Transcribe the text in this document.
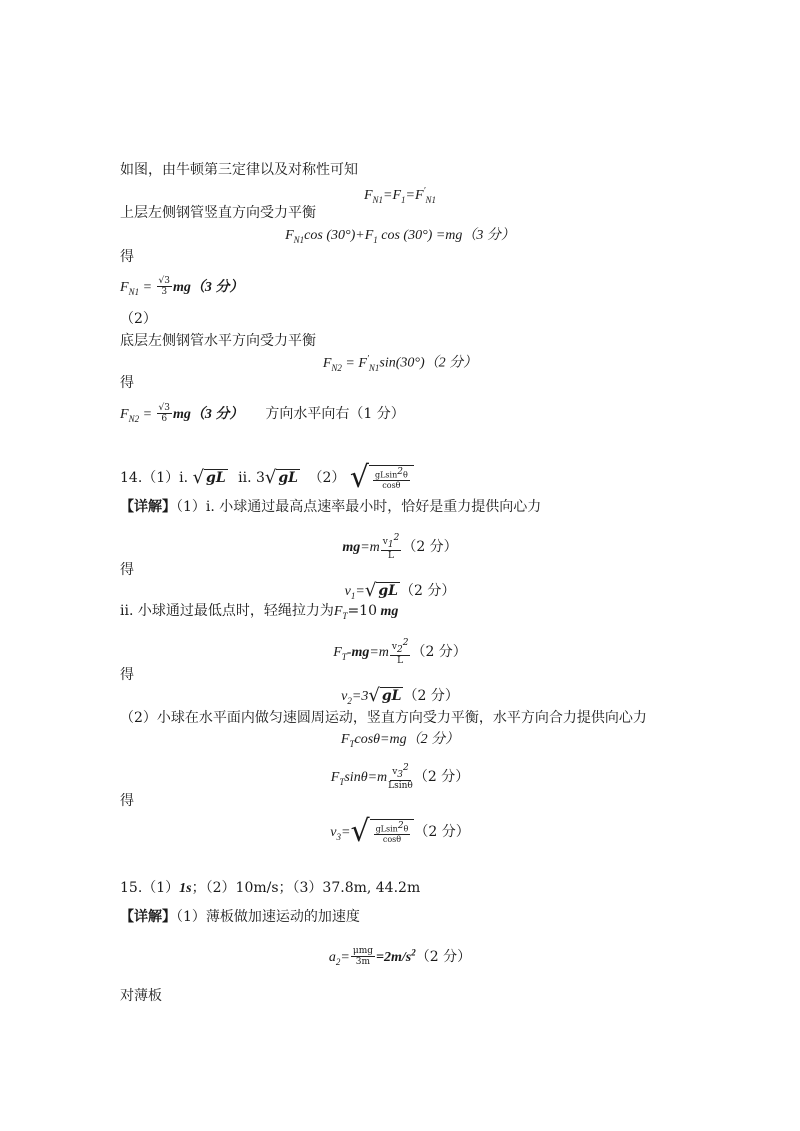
如图，由牛顿第三定律以及对称性可知
$F_{N1}=F_1=F'_{N1}$
上层左侧钢管竖直方向受力平衡
$F_{N1}\cos$ $(30^\circ)+F_1$ cos (30°) =mg（3 分）
得
$F_{N1} = \frac{√3}{3} mg(3$ 分）
（2）
底层左侧钢管水平方向受力平衡
$F_{N2} = F'_{N1}\sin(30^\circ)(2$ 分）
得
$F_{N2} = \frac{√3}{6} mg(3$ 分） 方向水平向右（1 分）
14.（1）i. √ gL ii. 3√ gL （2） √ $\frac{gLsin^2\theta}{\cos\theta}$
【详解】（1）i. 小球通过最高点速率最小时，恰好是重力提供向心力
$mg=m \frac{v_1^2}{L} (2$ 分）
得
$v_1=√$ gL （2 分）
ii. 小球通过最低点时，轻绳拉力为$F_T=10$ mg
$F_T-mg=m \frac{v_2^2}{L} (2$ 分）
得
$v_2=3√$ gL （2 分）
（2）小球在水平面内做匀速圆周运动，竖直方向受力平衡，水平方向合力提供向心力
$F_T\cos\theta=mg(2$ 分）
$F_T\sin\theta=m \frac{v_3^2}{Lsin\theta} (2$ 分）
得
$v_3=$ √ $\frac{gLsin^2\theta}{\cos\theta} (2$ 分）
15.（1）1s；（2）10m/s；（3）37.8m, 44.2m
【详解】（1）薄板做加速运动的加速度
$a_2= \frac{\text{μmg}}{3m} =2m/s^2(2$ 分）
对薄板
